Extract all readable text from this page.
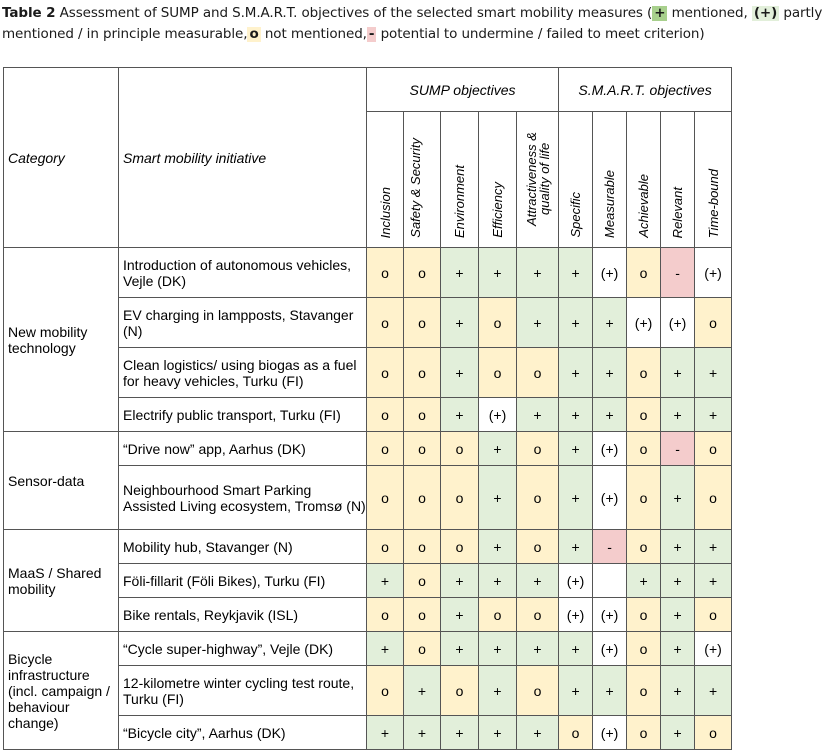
Table 2 Assessment of SUMP and S.M.A.R.T. objectives of the selected smart mobility measures ( + mentioned, (+) partly mentioned / in principle measurable, o not mentioned, - potential to undermine / failed to meet criterion)
Category	Smart mobility initiative	SUMP objectives					S.M.A.R.T. objectives				
		Inclusion	Safety & Security	Environment	Efficiency	Attractiveness & quality of life	Specific	Measurable	Achievable	Relevant	Time-bound
New mobility technology	Introduction of autonomous vehicles, Vejle (DK)	o	o	+	+	+	+	(+)	o	-	(+)
	EV charging in lampposts, Stavanger (N)	o	o	+	o	+	+	+	(+)	(+)	o
	Clean logistics/ using biogas as a fuel for heavy vehicles, Turku (FI)	o	o	+	o	o	+	+	o	+	+
	Electrify public transport, Turku (FI)	o	o	+	(+)	+	+	+	o	+	+
Sensor-data	“Drive now” app, Aarhus (DK)	o	o	o	+	o	+	(+)	o	-	o
	Neighbourhood Smart Parking Assisted Living ecosystem, Tromsø (N)	o	o	o	+	o	+	(+)	o	+	o
MaaS / Shared mobility	Mobility hub, Stavanger (N)	o	o	o	+	o	+	-	o	+	+
	Föli-fillarit (Föli Bikes), Turku (FI)	+	o	+	+	+	(+)		+	+	+
	Bike rentals, Reykjavik (ISL)	o	o	+	o	o	(+)	(+)	o	+	o
Bicycle infrastructure (incl. campaign / behaviour change)	“Cycle super-highway”, Vejle (DK)	+	o	+	+	+	+	(+)	o	+	(+)
	12-kilometre winter cycling test route, Turku (FI)	o	+	o	+	o	+	+	o	+	+
	“Bicycle city”, Aarhus (DK)	+	+	+	+	+	o	(+)	o	+	o
